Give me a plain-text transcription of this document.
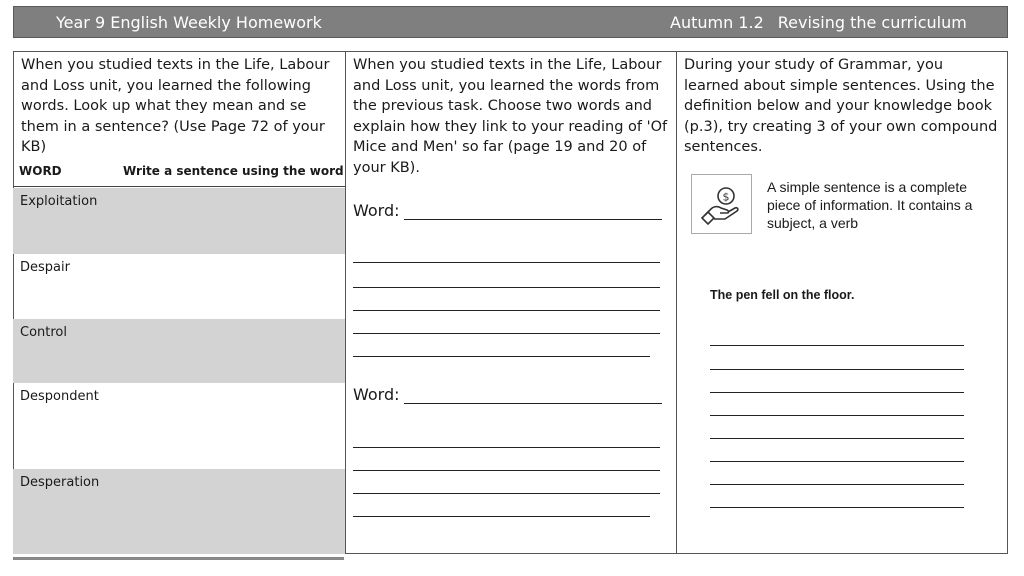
Year 9 English Weekly Homework	Autumn 1.2 Revising the curriculum
When you studied texts in the Life, Labour and Loss unit, you learned the following words. Look up what they mean and se them in a sentence? (Use Page 72 of your KB)
WORD	Write a sentence using the word
Exploitation
Despair
Control
Despondent
Desperation
When you studied texts in the Life, Labour and Loss unit, you learned the words from the previous task. Choose two words and explain how they link to your reading of 'Of Mice and Men' so far (page 19 and 20 of your KB).
Word:
Word:
During your study of Grammar, you learned about simple sentences. Using the definition below and your knowledge book (p.3), try creating 3 of your own compound sentences.
$
A simple sentence is a complete piece of information. It contains a subject, a verb
The pen fell on the floor.
